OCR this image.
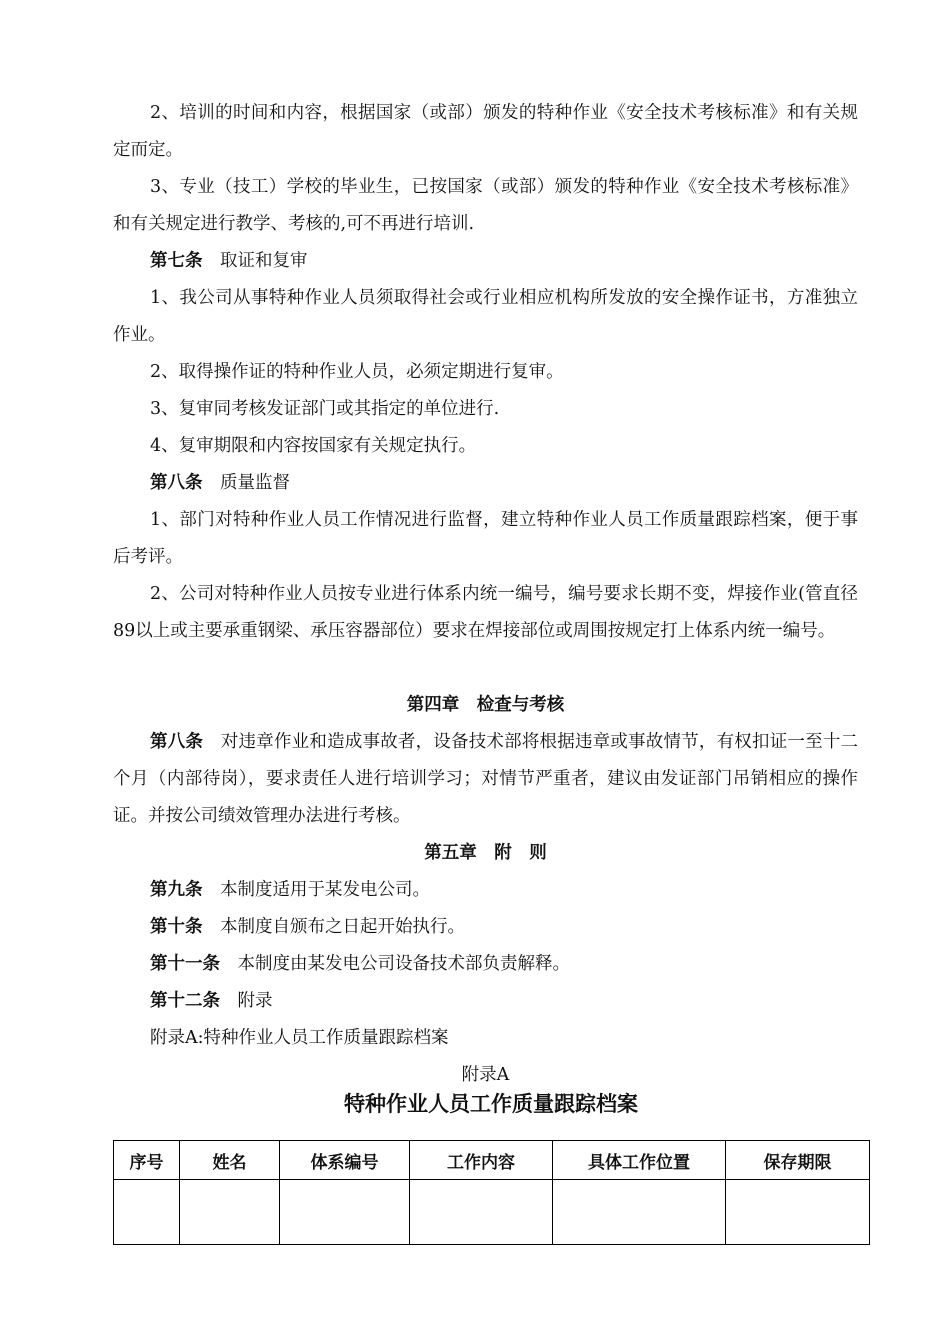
2、培训的时间和内容，根据国家（或部）颁发的特种作业《安全技术考核标准》和有关规定而定。

3、专业（技工）学校的毕业生，已按国家（或部）颁发的特种作业《安全技术考核标准》和有关规定进行教学、考核的,可不再进行培训.

第七条　 取证和复审

1、我公司从事特种作业人员须取得社会或行业相应机构所发放的安全操作证书，方准独立作业。

2、取得操作证的特种作业人员，必须定期进行复审。

3、复审同考核发证部门或其指定的单位进行.

4、复审期限和内容按国家有关规定执行。

第八条　 质量监督

1、部门对特种作业人员工作情况进行监督，建立特种作业人员工作质量跟踪档案，便于事后考评。

2、公司对特种作业人员按专业进行体系内统一编号，编号要求长期不变，焊接作业(管直径89以上或主要承重钢梁、承压容器部位）要求在焊接部位或周围按规定打上体系内统一编号。

第四章　检查与考核

第八条　 对违章作业和造成事故者，设备技术部将根据违章或事故情节，有权扣证一至十二个月（内部待岗），要求责任人进行培训学习；对情节严重者，建议由发证部门吊销相应的操作证。并按公司绩效管理办法进行考核。

第五章　附　则

第九条　 本制度适用于某发电公司。

第十条　 本制度自颁布之日起开始执行。

第十一条　 本制度由某发电公司设备技术部负责解释。

第十二条　 附录

附录A:特种作业人员工作质量跟踪档案

附录A

特种作业人员工作质量跟踪档案
序号	姓名	体系编号	工作内容	具体工作位置	保存期限
